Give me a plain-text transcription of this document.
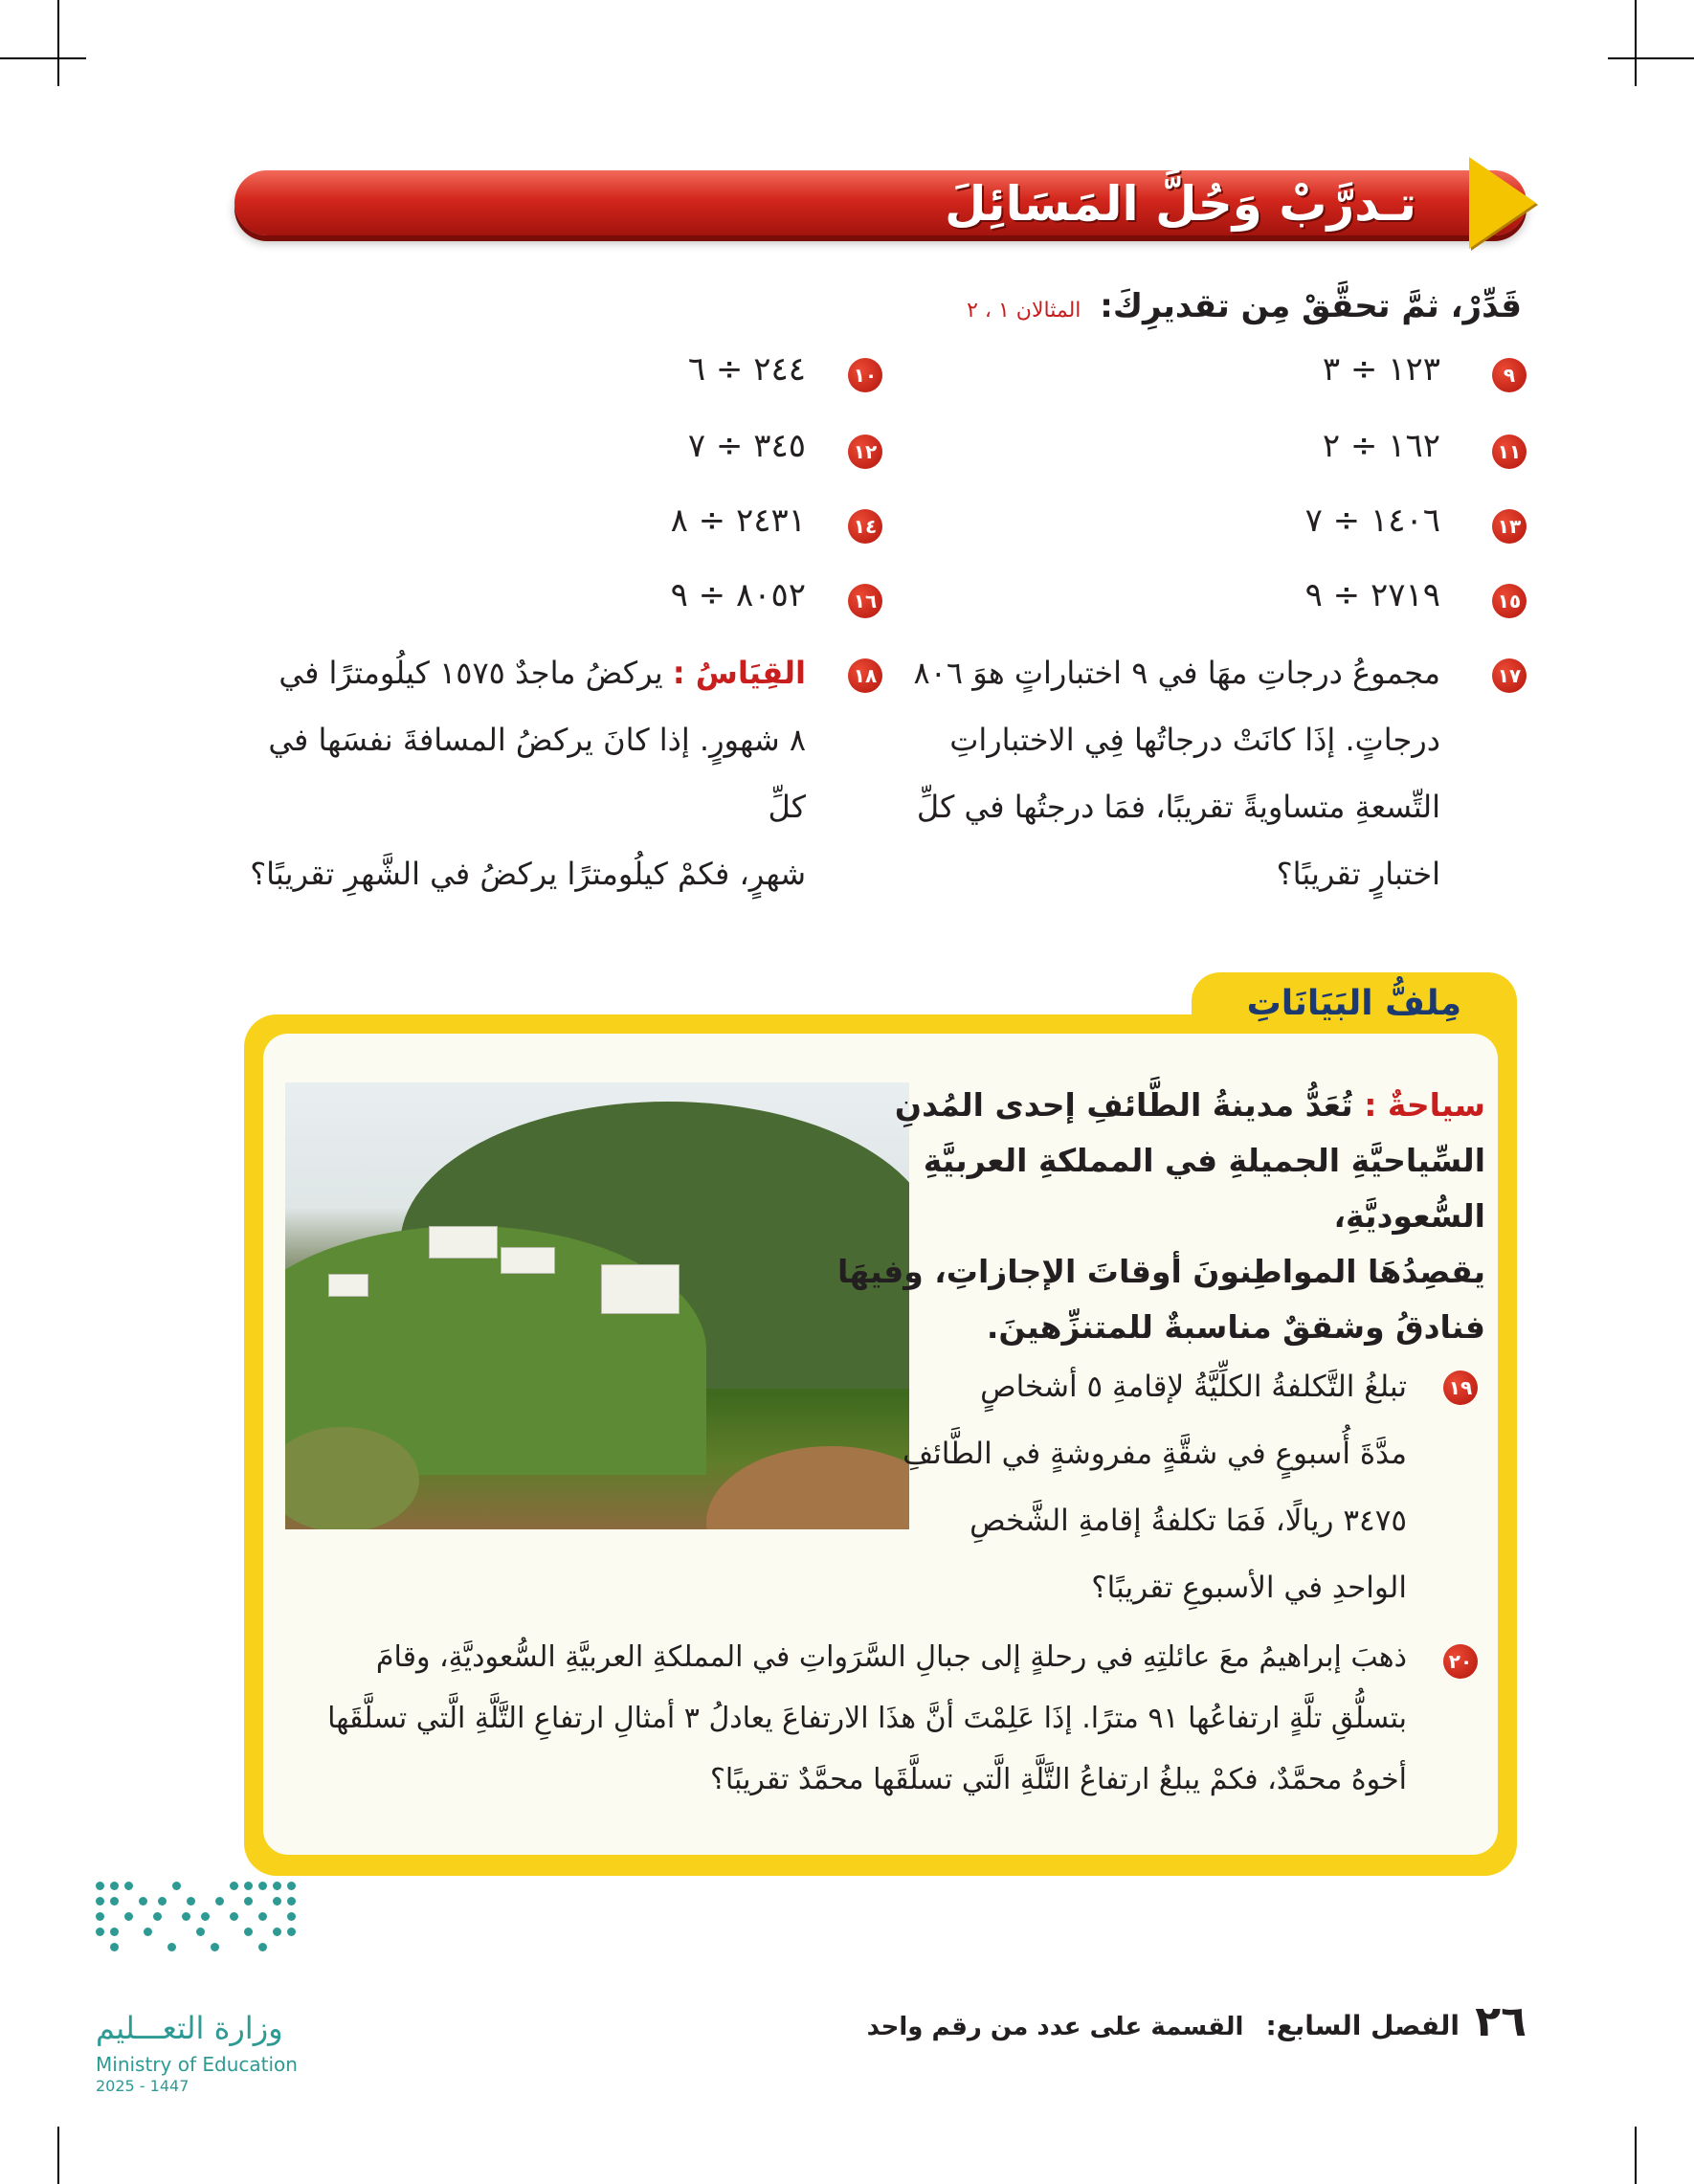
تـدرَّبْ وَحُلَّ المَسَائِلَ
قَدِّرْ، ثمَّ تحقَّقْ مِن تقديرِكَ: المثالان ١ ، ٢
٩
١٢٣ ÷ ٣
١٠
٢٤٤ ÷ ٦
١١
١٦٢ ÷ ٢
١٢
٣٤٥ ÷ ٧
١٣
١٤٠٦ ÷ ٧
١٤
٢٤٣١ ÷ ٨
١٥
٢٧١٩ ÷ ٩
١٦
٨٠٥٢ ÷ ٩
١٧
مجموعُ درجاتِ مهَا في ٩ اختباراتٍ هوَ ٨٠٦
درجاتٍ. إذَا كانَتْ درجاتُها فِي الاختباراتِ
التِّسعةِ متساويةً تقريبًا، فمَا درجتُها في كلِّ
اختبارٍ تقريبًا؟
١٨
القِيَاسُ : يركضُ ماجدٌ ١٥٧٥ كيلُومترًا في
٨ شهورٍ. إذا كانَ يركضُ المسافةَ نفسَها في كلِّ
شهرٍ، فكمْ كيلُومترًا يركضُ في الشَّهرِ تقريبًا؟
مِلفُّ البَيَانَاتِ
سياحةٌ : تُعَدُّ مدينةُ الطَّائفِ إحدى المُدنِ
السِّياحيَّةِ الجميلةِ في المملكةِ العربيَّةِ السُّعوديَّةِ،
يقصِدُهَا المواطِنونَ أوقاتَ الإجازاتِ، وفيهَا
فنادقُ وشققٌ مناسبةٌ للمتنزِّهينَ.
١٩
تبلغُ التَّكلفةُ الكلِّيَّةُ لإقامةِ ٥ أشخاصٍ
مدَّةَ أُسبوعٍ في شقَّةٍ مفروشةٍ في الطَّائفِ
٣٤٧٥ ريالًا، فَمَا تكلفةُ إقامةِ الشَّخصِ
الواحدِ في الأسبوعِ تقريبًا؟
٢٠
ذهبَ إبراهيمُ معَ عائلتِهِ في رحلةٍ إلى جبالِ السَّرَواتِ في المملكةِ العربيَّةِ السُّعوديَّةِ، وقامَ
بتسلُّقِ تلَّةٍ ارتفاعُها ٩١ مترًا. إذَا عَلِمْتَ أنَّ هذَا الارتفاعَ يعادلُ ٣ أمثالِ ارتفاعِ التَّلَّةِ الَّتي تسلَّقَها
أخوهُ محمَّدٌ، فكمْ يبلغُ ارتفاعُ التَّلَّةِ الَّتي تسلَّقَها محمَّدٌ تقريبًا؟
وزارة التعـــليم
Ministry of Education
2025 - 1447
٢٦
الفصل السابع: القسمة على عدد من رقم واحد
